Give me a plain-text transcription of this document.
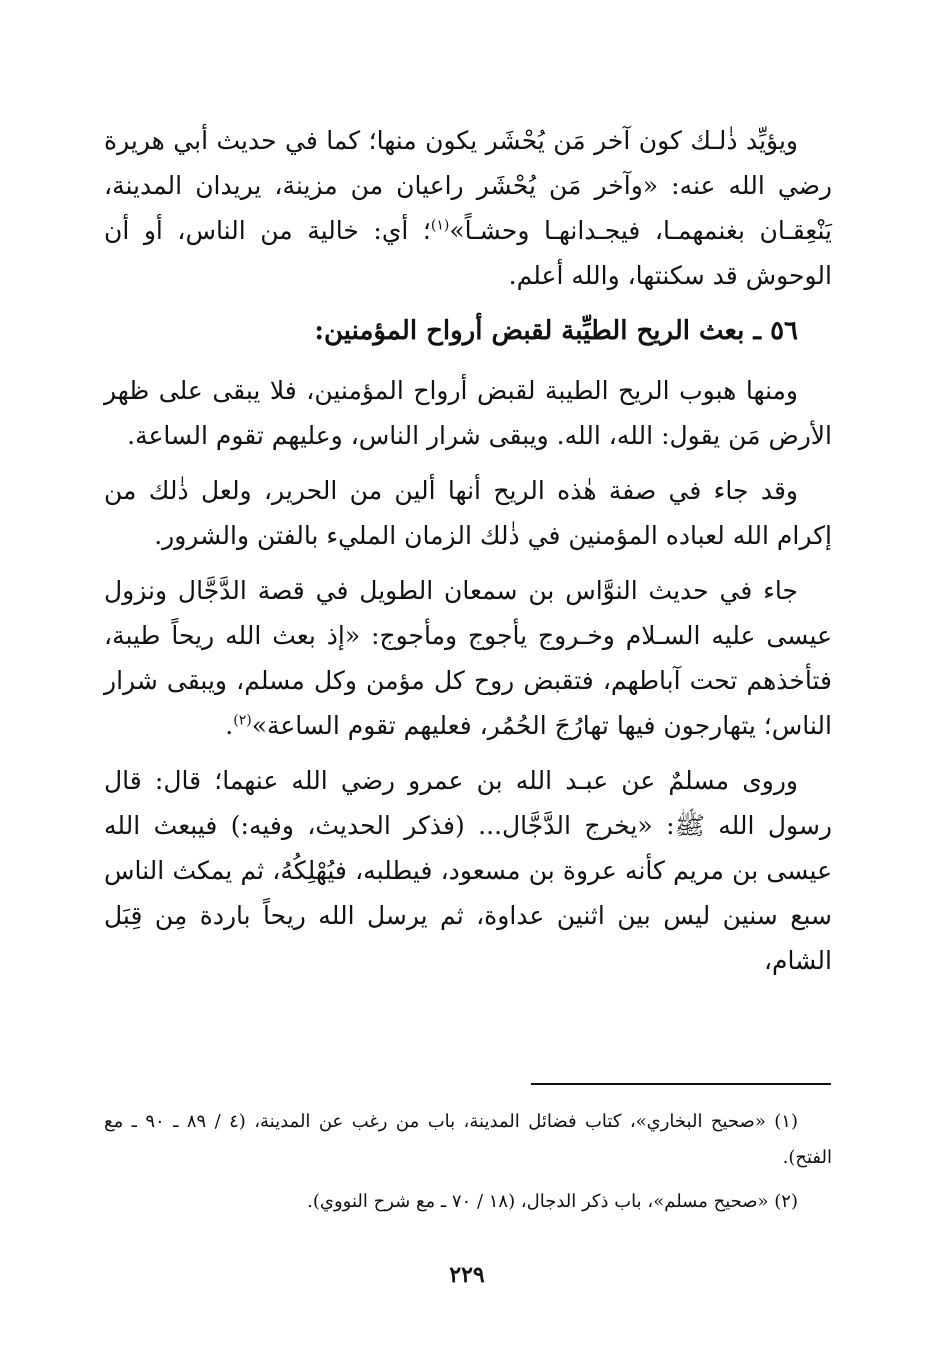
ويؤيِّد ذٰلـك كون آخر مَن يُحْشَر يكون منها؛ كما في حديث أبي هريرة رضي الله عنه: «وآخر مَن يُحْشَر راعيان من مزينة، يريدان المدينة، يَنْعِقـان بغنمهمـا، فيجـدانهـا وحشـاً»$^{(١)}$؛ أي: خالية من الناس، أو أن الوحوش قد سكنتها، والله أعلم.

٥٦ ـ بعث الريح الطيِّبة لقبض أرواح المؤمنين:

ومنها هبوب الريح الطيبة لقبض أرواح المؤمنين، فلا يبقى على ظهر الأرض مَن يقول: الله، الله. ويبقى شرار الناس، وعليهم تقوم الساعة.

وقد جاء في صفة هٰذه الريح أنها ألين من الحرير، ولعل ذٰلك من إكرام الله لعباده المؤمنين في ذٰلك الزمان المليء بالفتن والشرور.

جاء في حديث النوَّاس بن سمعان الطويل في قصة الدَّجَّال ونزول عيسى عليه السـلام وخـروج يأجوج ومأجوج: «إذ بعث الله ريحاً طيبة، فتأخذهم تحت آباطهم، فتقبض روح كل مؤمن وكل مسلم، ويبقى شرار الناس؛ يتهارجون فيها تهارُجَ الحُمُر، فعليهم تقوم الساعة»$^{(٢)}$.

وروى مسلمٌ عن عبـد الله بن عمرو رضي الله عنهما؛ قال: قال رسول الله ﷺ: «يخرج الدَّجَّال... (فذكر الحديث، وفيه:) فيبعث الله عيسى بن مريم كأنه عروة بن مسعود، فيطلبه، فيُهْلِكُهُ، ثم يمكث الناس سبع سنين ليس بين اثنين عداوة، ثم يرسل الله ريحاً باردة مِن قِبَل الشام،

(١) «صحيح البخاري»، كتاب فضائل المدينة، باب من رغب عن المدينة، (٤ / ٨٩ ـ ٩٠ ـ مع الفتح).

(٢) «صحيح مسلم»، باب ذكر الدجال، (١٨ / ٧٠ ـ مع شرح النووي).

٢٢٩
